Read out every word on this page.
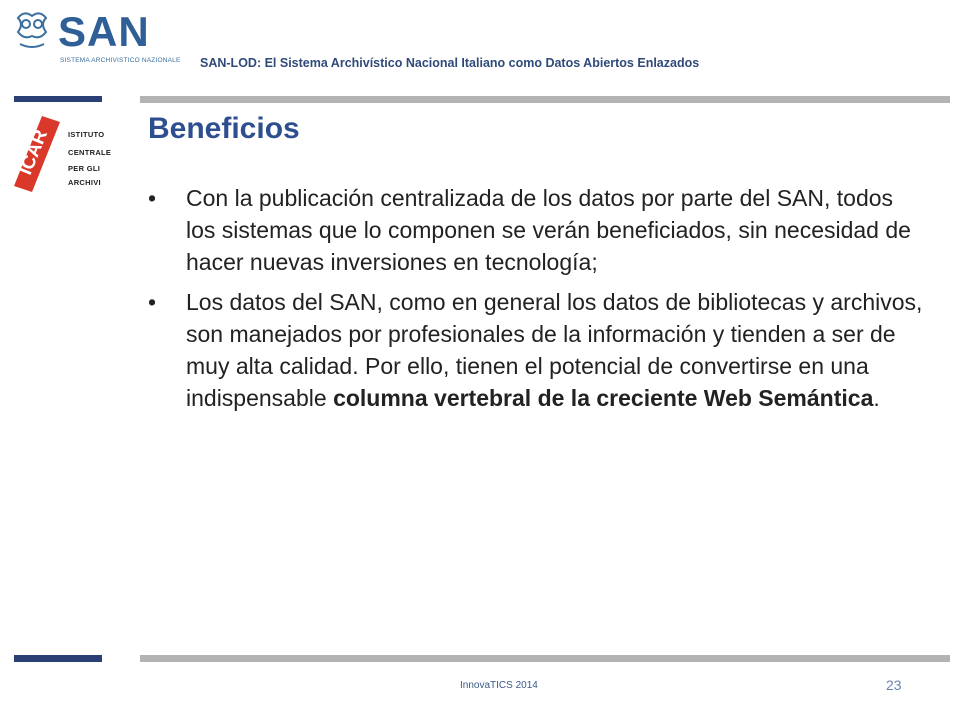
SAN
SISTEMA ARCHIVISTICO NAZIONALE SAN-LOD: El Sistema Archivístico Nacional Italiano como Datos Abiertos Enlazados
ICAR ISTITUTO
CENTRALE
PER GLI
ARCHIVI
Beneficios
• Con la publicación centralizada de los datos por parte del SAN, todos los sistemas que lo componen se verán beneficiados, sin necesidad de hacer nuevas inversiones en tecnología;
• Los datos del SAN, como en general los datos de bibliotecas y archivos, son manejados por profesionales de la información y tienden a ser de muy alta calidad. Por ello, tienen el potencial de convertirse en una indispensable columna vertebral de la creciente Web Semántica.
InnovaTICS 2014	23
